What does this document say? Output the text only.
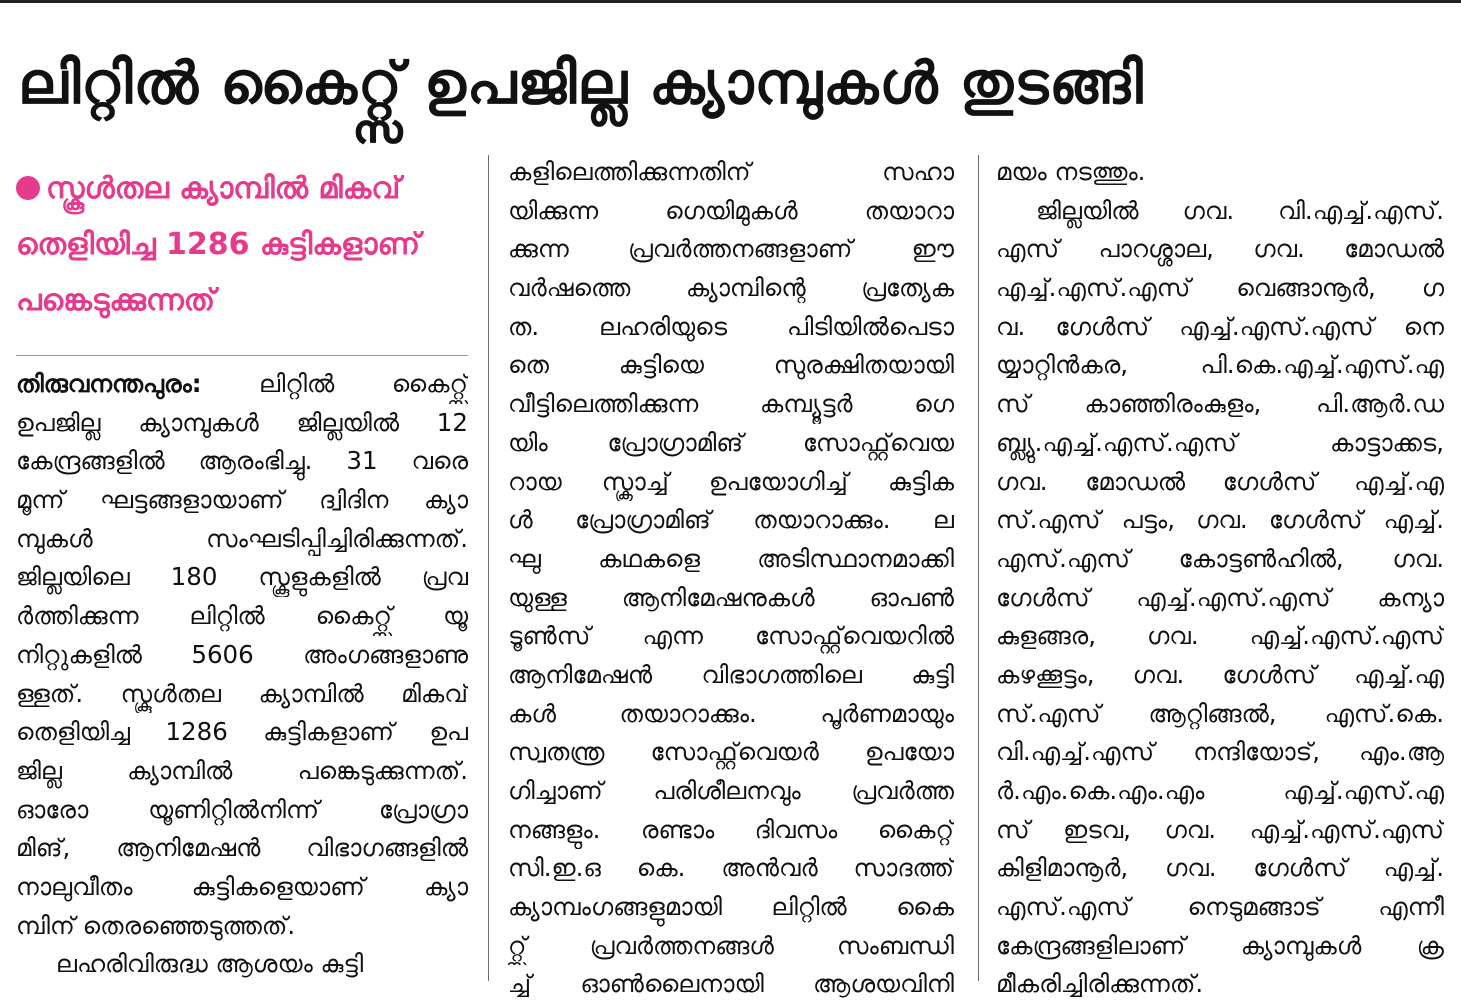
ലിറ്റിൽ കൈറ്റ്സ് ഉപജില്ല ക്യാമ്പുകൾ തുടങ്ങി

സ്കൂൾതല ക്യാമ്പിൽ മികവ് തെളിയിച്ച 1286 കുട്ടികളാണ് പങ്കെടുക്കുന്നത്

തിരുവനന്തപുരം: ലിറ്റിൽ കൈറ്റ്സ്
ഉപജില്ല ക്യാമ്പുകൾ ജില്ലയിൽ 12
കേന്ദ്രങ്ങളിൽ ആരംഭിച്ചു. 31 വരെ
മൂന്ന് ഘട്ടങ്ങളായാണ് ദ്വിദിന ക്യാ
മ്പുകൾ സംഘടിപ്പിച്ചിരിക്കുന്നത്.
ജില്ലയിലെ 180 സ്കൂളുകളിൽ പ്രവ
ർത്തിക്കുന്ന ലിറ്റിൽ കൈറ്റ്സ് യൂ
നിറ്റുകളിൽ 5606 അംഗങ്ങളാണു
ള്ളത്. സ്കൂൾതല ക്യാമ്പിൽ മികവ്
തെളിയിച്ച 1286 കുട്ടികളാണ് ഉപ
ജില്ല ക്യാമ്പിൽ പങ്കെടുക്കുന്നത്.
ഓരോ യൂണിറ്റിൽനിന്ന് പ്രോഗ്രാ
മിങ്, ആനിമേഷൻ വിഭാഗങ്ങളിൽ
നാലുവീതം കുട്ടികളെയാണ് ക്യാ
മ്പിന് തെരഞ്ഞെടുത്തത്.
ലഹരിവിരുദ്ധ ആശയം കുട്ടി
കളിലെത്തിക്കുന്നതിന് സഹാ
യിക്കുന്ന ഗെയിമുകൾ തയാറാ
ക്കുന്ന പ്രവർത്തനങ്ങളാണ് ഈ
വർഷത്തെ ക്യാമ്പിന്റെ പ്രത്യേക
ത. ലഹരിയുടെ പിടിയിൽപെടാ
തെ കുട്ടിയെ സുരക്ഷിതയായി
വീട്ടിലെത്തിക്കുന്ന കമ്പ്യൂട്ടർ ഗെ
യിം പ്രോഗ്രാമിങ് സോഫ്റ്റ്‌വെയ
റായ സ്ക്രാച്ച് ഉപയോഗിച്ച് കുട്ടിക
ൾ പ്രോഗ്രാമിങ് തയാറാക്കും. ല
ഘു കഥകളെ അടിസ്ഥാനമാക്കി
യുള്ള ആനിമേഷനുകൾ ഓപൺ
ടൂൺസ് എന്ന സോഫ്റ്റ്‌വെയറിൽ
ആനിമേഷൻ വിഭാഗത്തിലെ കുട്ടി
കൾ തയാറാക്കും. പൂർണമായും
സ്വതന്ത്ര സോഫ്റ്റ്‌വെയർ ഉപയോ
ഗിച്ചാണ് പരിശീലനവും പ്രവർത്ത
നങ്ങളും. രണ്ടാം ദിവസം കൈറ്റ്
സി.ഇ.ഒ കെ. അൻവർ സാദത്ത്
ക്യാമ്പംഗങ്ങളുമായി ലിറ്റിൽ കൈ
റ്റ്സ് പ്രവർത്തനങ്ങൾ സംബന്ധി
ച്ച് ഓൺലൈനായി ആശയവിനി
മയം നടത്തും.
ജില്ലയിൽ ഗവ. വി.എച്ച്.എസ്.
എസ് പാറശ്ശാല, ഗവ. മോഡൽ
എച്ച്.എസ്.എസ് വെങ്ങാനൂർ, ഗ
വ. ഗേൾസ് എച്ച്.എസ്.എസ് നെ
യ്യാറ്റിൻകര, പി.കെ.എച്ച്.എസ്.എ
സ് കാഞ്ഞിരംകുളം, പി.ആർ.ഡ
ബ്ല്യു.എച്ച്.എസ്.എസ് കാട്ടാക്കട,
ഗവ. മോഡൽ ഗേൾസ് എച്ച്.എ
സ്.എസ് പട്ടം, ഗവ. ഗേൾസ് എച്ച്.
എസ്.എസ് കോട്ടൺഹിൽ, ഗവ.
ഗേൾസ് എച്ച്.എസ്.എസ് കന്യാ
കുളങ്ങര, ഗവ. എച്ച്.എസ്.എസ്
കഴക്കൂട്ടം, ഗവ. ഗേൾസ് എച്ച്.എ
സ്.എസ് ആറ്റിങ്ങൽ, എസ്.കെ.
വി.എച്ച്.എസ് നന്ദിയോട്, എം.ആ
ർ.എം.കെ.എം.എം എച്ച്.എസ്.എ
സ് ഇടവ, ഗവ. എച്ച്.എസ്.എസ്
കിളിമാനൂർ, ഗവ. ഗേൾസ് എച്ച്.
എസ്.എസ് നെടുമങ്ങാട് എന്നീ
കേന്ദ്രങ്ങളിലാണ് ക്യാമ്പുകൾ ക്ര
മീകരിച്ചിരിക്കുന്നത്.
